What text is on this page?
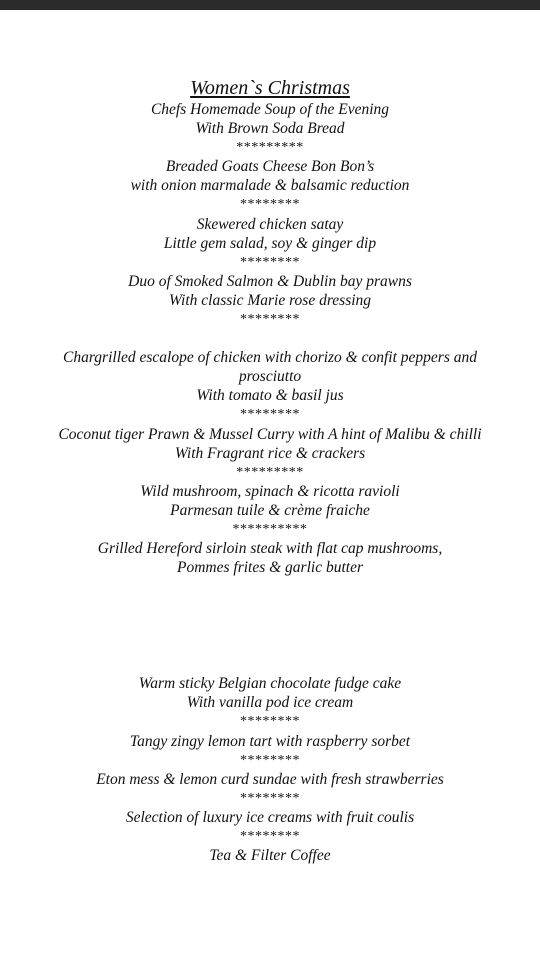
Women`s Christmas
Chefs Homemade Soup of the Evening
With Brown Soda Bread
*********
Breaded Goats Cheese Bon Bon’s
with onion marmalade & balsamic reduction
********
Skewered chicken satay
Little gem salad, soy & ginger dip
********
Duo of Smoked Salmon & Dublin bay prawns
With classic Marie rose dressing
********
Chargrilled escalope of chicken with chorizo & confit peppers and prosciutto
With tomato & basil jus
********
Coconut tiger Prawn & Mussel Curry with A hint of Malibu & chilli
With Fragrant rice & crackers
*********
Wild mushroom, spinach & ricotta ravioli
Parmesan tuile & crème fraiche
**********
Grilled Hereford sirloin steak with flat cap mushrooms,
Pommes frites & garlic butter
Warm sticky Belgian chocolate fudge cake
With vanilla pod ice cream
********
Tangy zingy lemon tart with raspberry sorbet
********
Eton mess & lemon curd sundae with fresh strawberries
********
Selection of luxury ice creams with fruit coulis
********
Tea & Filter Coffee
